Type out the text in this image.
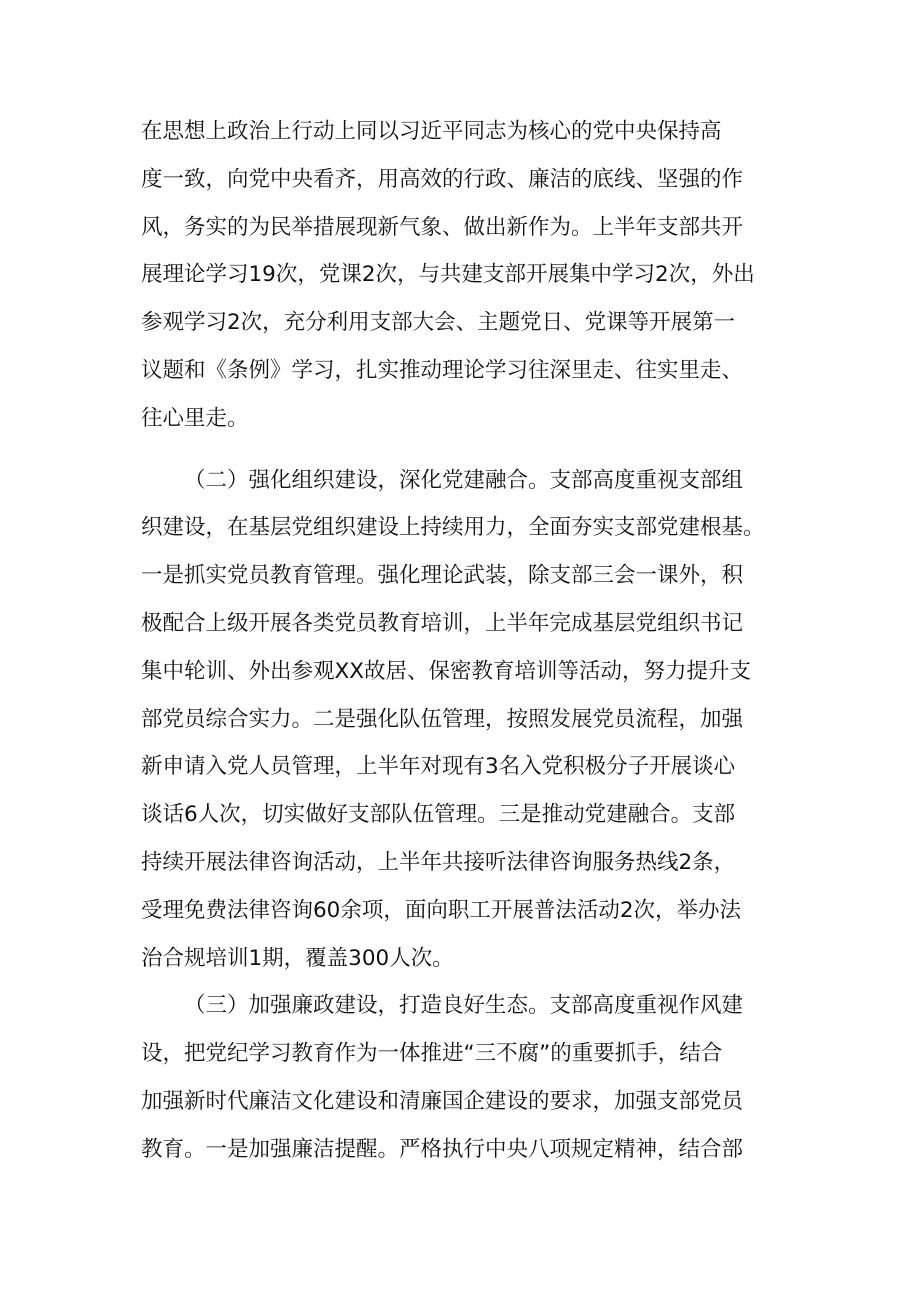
在思想上政治上行动上同以习近平同志为核心的党中央保持高
度一致，向党中央看齐，用高效的行政、廉洁的底线、坚强的作
风，务实的为民举措展现新气象、做出新作为。上半年支部共开
展理论学习19次，党课2次，与共建支部开展集中学习2次，外出
参观学习2次，充分利用支部大会、主题党日、党课等开展第一
议题和《条例》学习，扎实推动理论学习往深里走、往实里走、
往心里走。
（二）强化组织建设，深化党建融合。支部高度重视支部组
织建设，在基层党组织建设上持续用力，全面夯实支部党建根基。
一是抓实党员教育管理。强化理论武装，除支部三会一课外，积
极配合上级开展各类党员教育培训，上半年完成基层党组织书记
集中轮训、外出参观XX故居、保密教育培训等活动，努力提升支
部党员综合实力。二是强化队伍管理，按照发展党员流程，加强
新申请入党人员管理，上半年对现有3名入党积极分子开展谈心
谈话6人次，切实做好支部队伍管理。三是推动党建融合。支部
持续开展法律咨询活动，上半年共接听法律咨询服务热线2条，
受理免费法律咨询60余项，面向职工开展普法活动2次，举办法
治合规培训1期，覆盖300人次。
（三）加强廉政建设，打造良好生态。支部高度重视作风建
设，把党纪学习教育作为一体推进“三不腐”的重要抓手，结合
加强新时代廉洁文化建设和清廉国企建设的要求，加强支部党员
教育。一是加强廉洁提醒。严格执行中央八项规定精神，结合部
